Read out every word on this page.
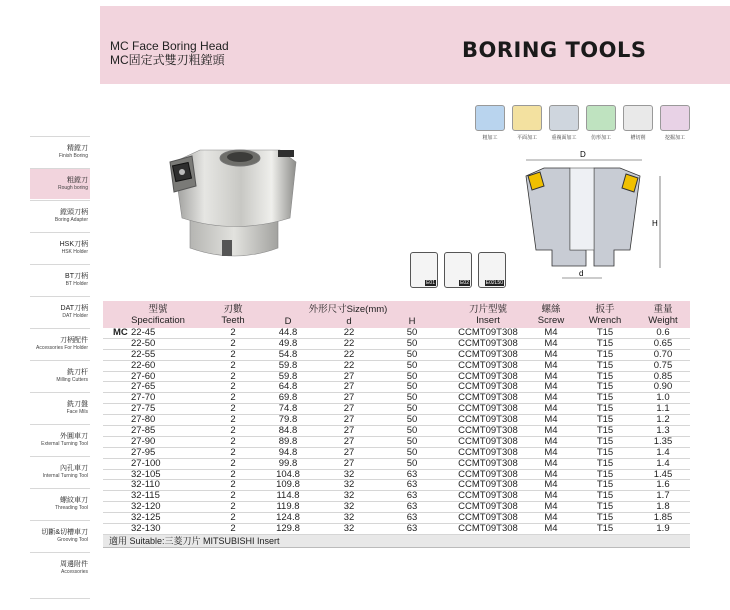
MC Face Boring Head
MC固定式雙刃粗鏜頭	BORING TOOLS
精鏜刀
Finish Boring
粗鏜刀
Rough boring
鏜頭刀柄
Boring Adapter
HSK刀柄
HSK Holder
BT刀柄
BT Holder
DAT刀柄
DAT Holder
刀柄配件
Accessories For Holder
銑刀杆
Milling Cutters
銑刀盤
Face Mils
外圓車刀
External Turning Tool
內孔車刀
Internal Turning Tool
螺紋車刀
Threading Tool
切斷&切槽車刀
Grooving Tool
周邊附件
Accessories
粗加工	平面加工	重複面加工	仿形加工	槽切削	挖掘加工
D
H
d
E01	E02	E02L50
型號
Specification
刃數
Teeth
外形尺寸Size(mm)
D	d	H
刀片型號
Insert
螺絲
Screw
扳手
Wrench
重量
Weight
MC 22-45	2	44.8	22	50	CCMT09T308	M4	T15	0.6
22-50	2	49.8	22	50	CCMT09T308	M4	T15	0.65
22-55	2	54.8	22	50	CCMT09T308	M4	T15	0.70
22-60	2	59.8	22	50	CCMT09T308	M4	T15	0.75
27-60	2	59.8	27	50	CCMT09T308	M4	T15	0.85
27-65	2	64.8	27	50	CCMT09T308	M4	T15	0.90
27-70	2	69.8	27	50	CCMT09T308	M4	T15	1.0
27-75	2	74.8	27	50	CCMT09T308	M4	T15	1.1
27-80	2	79.8	27	50	CCMT09T308	M4	T15	1.2
27-85	2	84.8	27	50	CCMT09T308	M4	T15	1.3
27-90	2	89.8	27	50	CCMT09T308	M4	T15	1.35
27-95	2	94.8	27	50	CCMT09T308	M4	T15	1.4
27-100	2	99.8	27	50	CCMT09T308	M4	T15	1.4
32-105	2	104.8	32	63	CCMT09T308	M4	T15	1.45
32-110	2	109.8	32	63	CCMT09T308	M4	T15	1.6
32-115	2	114.8	32	63	CCMT09T308	M4	T15	1.7
32-120	2	119.8	32	63	CCMT09T308	M4	T15	1.8
32-125	2	124.8	32	63	CCMT09T308	M4	T15	1.85
32-130	2	129.8	32	63	CCMT09T308	M4	T15	1.9
適用 Suitable:三菱刀片 MITSUBISHI Insert
